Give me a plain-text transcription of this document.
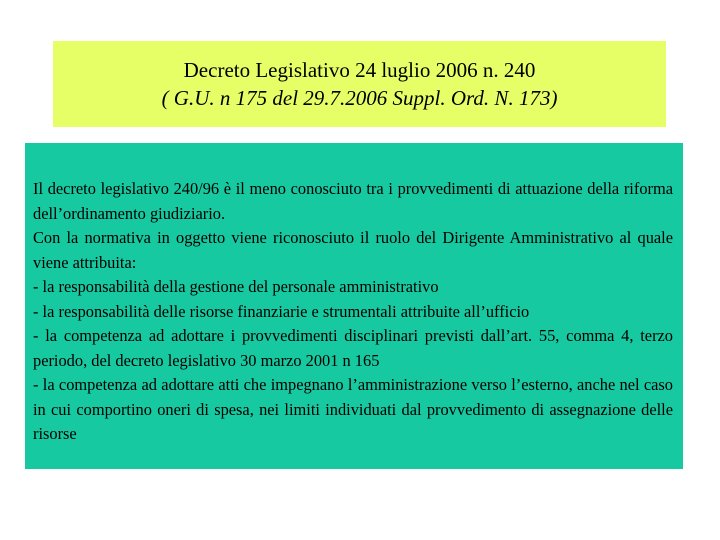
Decreto Legislativo 24 luglio 2006 n. 240
( G.U. n 175 del 29.7.2006 Suppl. Ord. N. 173)

Il decreto legislativo 240/96 è il meno conosciuto tra i provvedimenti di attuazione della riforma dell’ordinamento giudiziario.

Con la normativa in oggetto viene riconosciuto il ruolo del Dirigente Amministrativo al quale viene attribuita:

- la responsabilità della gestione del personale amministrativo

- la responsabilità delle risorse finanziarie e strumentali attribuite all’ufficio

- la competenza ad adottare i provvedimenti disciplinari previsti dall’art. 55, comma 4, terzo periodo, del decreto legislativo 30 marzo 2001 n 165

- la competenza ad adottare atti che impegnano l’amministrazione verso l’esterno, anche nel caso in cui comportino oneri di spesa, nei limiti individuati dal provvedimento di assegnazione delle risorse
